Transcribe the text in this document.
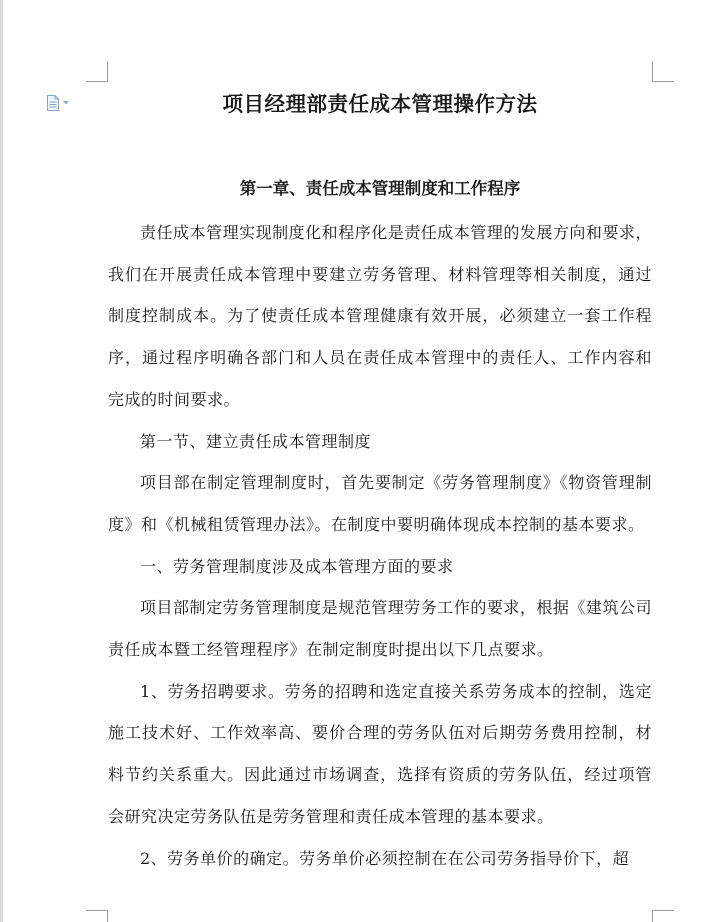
项目经理部责任成本管理操作方法
第一章、责任成本管理制度和工作程序

责任成本管理实现制度化和程序化是责任成本管理的发展方向和要求，我们在开展责任成本管理中要建立劳务管理、材料管理等相关制度，通过制度控制成本。为了使责任成本管理健康有效开展，必须建立一套工作程序，通过程序明确各部门和人员在责任成本管理中的责任人、工作内容和完成的时间要求。

第一节、建立责任成本管理制度

项目部在制定管理制度时，首先要制定《劳务管理制度》《物资管理制度》和《机械租赁管理办法》。在制度中要明确体现成本控制的基本要求。

一、劳务管理制度涉及成本管理方面的要求

项目部制定劳务管理制度是规范管理劳务工作的要求，根据《建筑公司责任成本暨工经管理程序》在制定制度时提出以下几点要求。

1、劳务招聘要求。劳务的招聘和选定直接关系劳务成本的控制，选定施工技术好、工作效率高、要价合理的劳务队伍对后期劳务费用控制，材料节约关系重大。因此通过市场调查，选择有资质的劳务队伍，经过项管会研究决定劳务队伍是劳务管理和责任成本管理的基本要求。

2、劳务单价的确定。劳务单价必须控制在在公司劳务指导价下，超
